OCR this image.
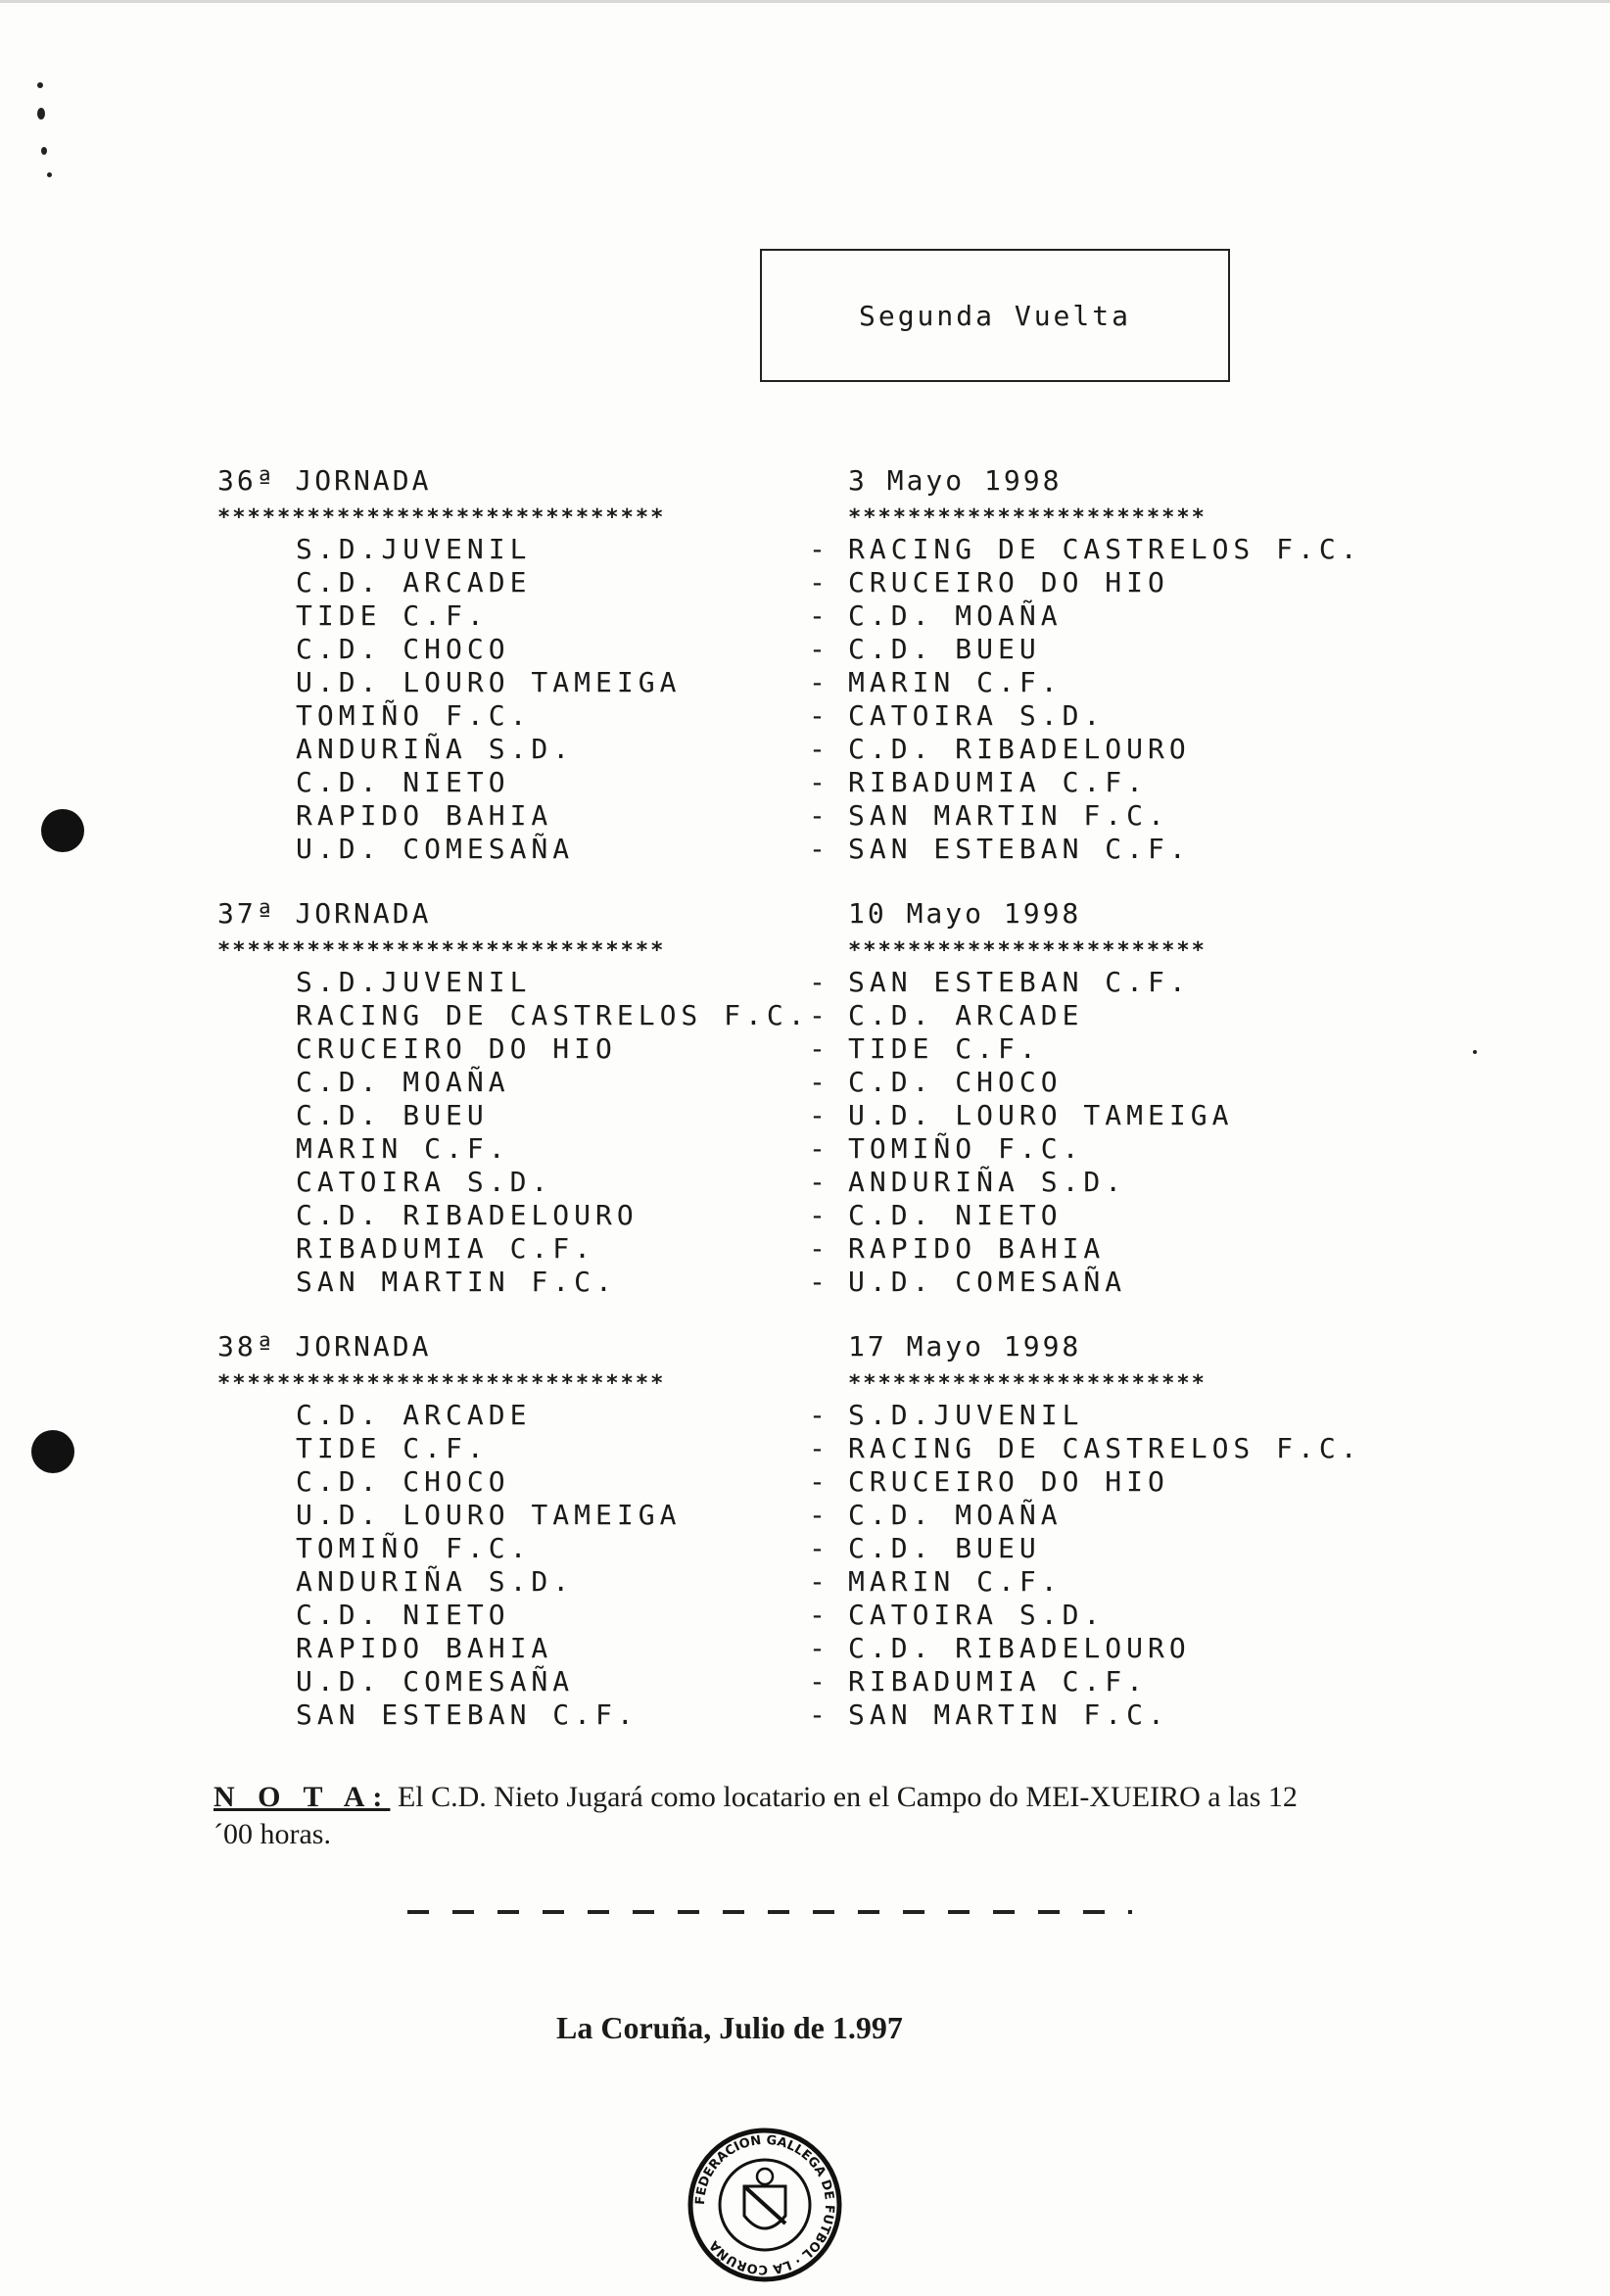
Segunda Vuelta
36ª JORNADA	3 Mayo 1998
******************************	************************
S.D.JUVENIL	- RACING DE CASTRELOS F.C.
C.D. ARCADE	- CRUCEIRO DO HIO
TIDE C.F.	- C.D. MOAÑA
C.D. CHOCO	- C.D. BUEU
U.D. LOURO TAMEIGA	- MARIN C.F.
TOMIÑO F.C.	- CATOIRA S.D.
ANDURIÑA S.D.	- C.D. RIBADELOURO
C.D. NIETO	- RIBADUMIA C.F.
RAPIDO BAHIA	- SAN MARTIN F.C.
U.D. COMESAÑA	- SAN ESTEBAN C.F.
37ª JORNADA	10 Mayo 1998
******************************	************************
S.D.JUVENIL	- SAN ESTEBAN C.F.
RACING DE CASTRELOS F.C. - C.D. ARCADE
CRUCEIRO DO HIO	- TIDE C.F.
C.D. MOAÑA	- C.D. CHOCO
C.D. BUEU	- U.D. LOURO TAMEIGA
MARIN C.F.	- TOMIÑO F.C.
CATOIRA S.D.	- ANDURIÑA S.D.
C.D. RIBADELOURO	- C.D. NIETO
RIBADUMIA C.F.	- RAPIDO BAHIA
SAN MARTIN F.C.	- U.D. COMESAÑA
38ª JORNADA	17 Mayo 1998
******************************	************************
C.D. ARCADE	- S.D.JUVENIL
TIDE C.F.	- RACING DE CASTRELOS F.C.
C.D. CHOCO	- CRUCEIRO DO HIO
U.D. LOURO TAMEIGA	- C.D. MOAÑA
TOMIÑO F.C.	- C.D. BUEU
ANDURIÑA S.D.	- MARIN C.F.
C.D. NIETO	- CATOIRA S.D.
RAPIDO BAHIA	- C.D. RIBADELOURO
U.D. COMESAÑA	- RIBADUMIA C.F.
SAN ESTEBAN C.F.	- SAN MARTIN F.C.
N O T A: El C.D. Nieto Jugará como locatario en el Campo do MEI-XUEIRO a las 12´00 horas.
La Coruña, Julio de 1.997
FEDERACION GALLEGA DE FUTBOL · LA CORUÑA
